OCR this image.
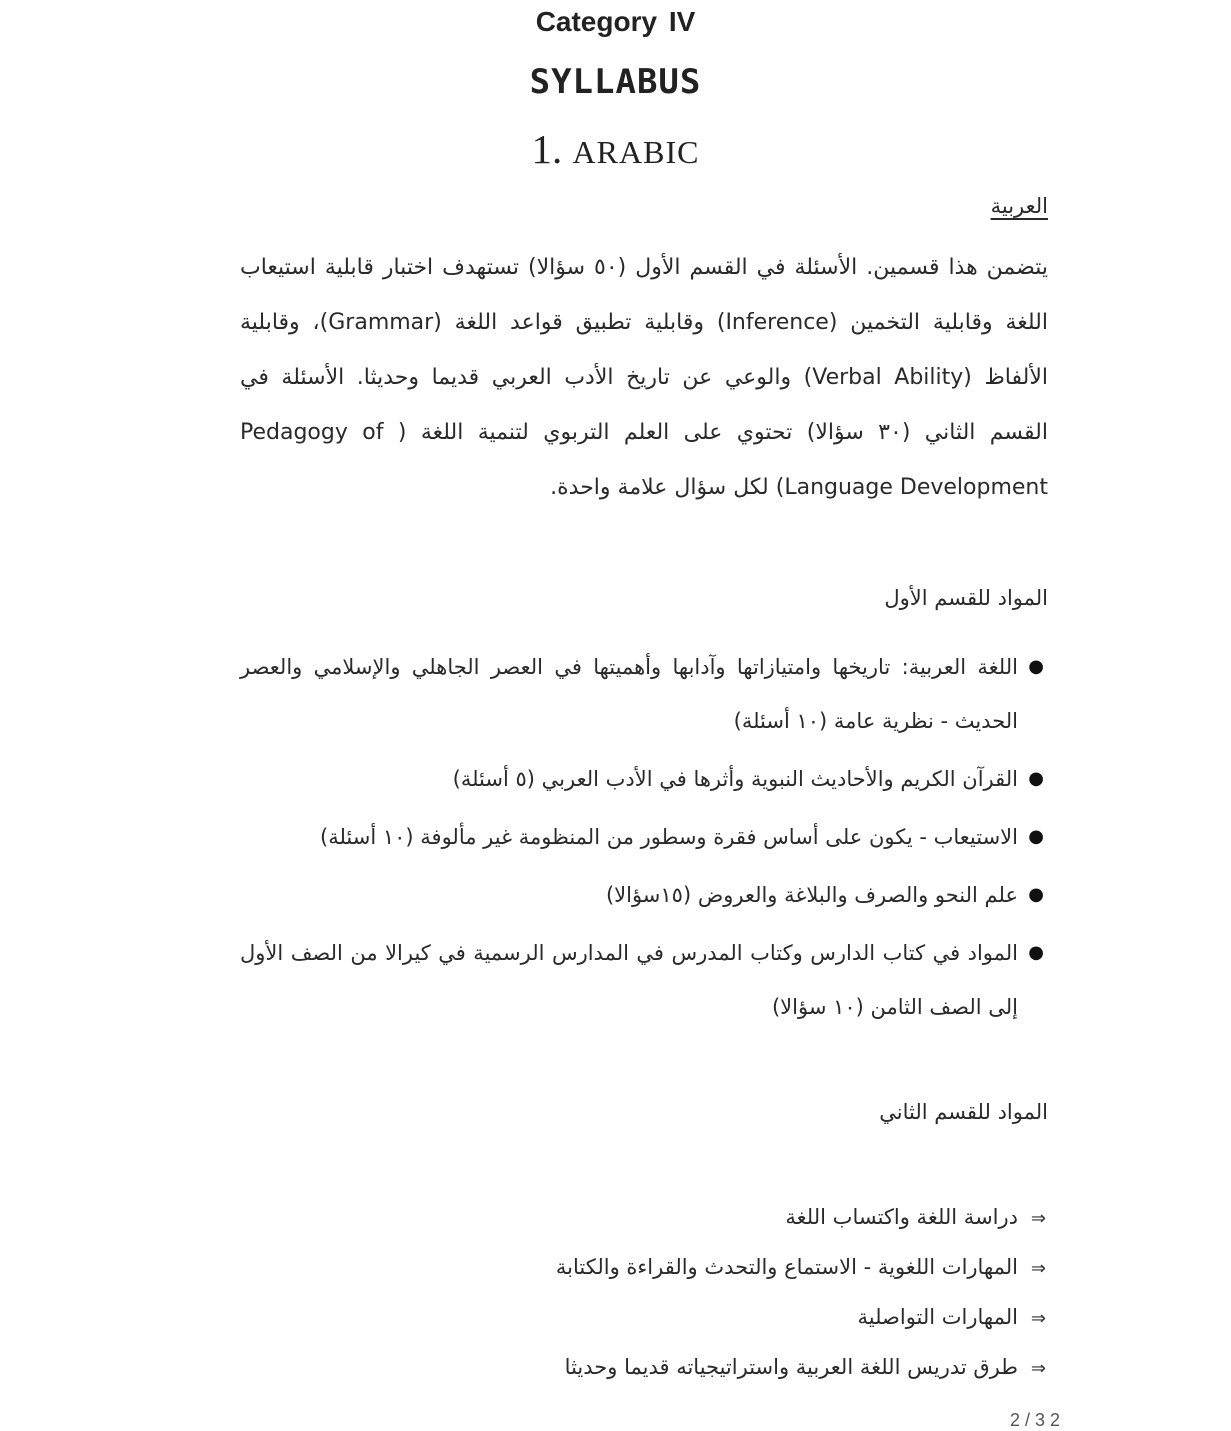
Category IV
SYLLABUS
1. ARABIC
العربية

يتضمن هذا قسمين. الأسئلة في القسم الأول (٥٠ سؤالا) تستهدف اختبار قابلية استيعاب اللغة وقابلية التخمين (Inference) وقابلية تطبيق قواعد اللغة (Grammar)، وقابلية الألفاظ (Verbal Ability) والوعي عن تاريخ الأدب العربي قديما وحديثا. الأسئلة في القسم الثاني (٣٠ سؤالا) تحتوي على العلم التربوي لتنمية اللغة ( Pedagogy of Language Development) لكل سؤال علامة واحدة.

المواد للقسم الأول
●
اللغة العربية: تاريخها وامتيازاتها وآدابها وأهميتها في العصر الجاهلي والإسلامي والعصر الحديث - نظرية عامة (١٠ أسئلة)
●
القرآن الكريم والأحاديث النبوية وأثرها في الأدب العربي (٥ أسئلة)
●
الاستيعاب - يكون على أساس فقرة وسطور من المنظومة غير مألوفة (١٠ أسئلة)
●
علم النحو والصرف والبلاغة والعروض (١٥سؤالا)
●
المواد في كتاب الدارس وكتاب المدرس في المدارس الرسمية في كيرالا من الصف الأول إلى الصف الثامن (١٠ سؤالا)
المواد للقسم الثاني
⇒
دراسة اللغة واكتساب اللغة
⇒
المهارات اللغوية - الاستماع والتحدث والقراءة والكتابة
⇒
المهارات التواصلية
⇒
طرق تدريس اللغة العربية واستراتيجياته قديما وحديثا
2 / 3 2
